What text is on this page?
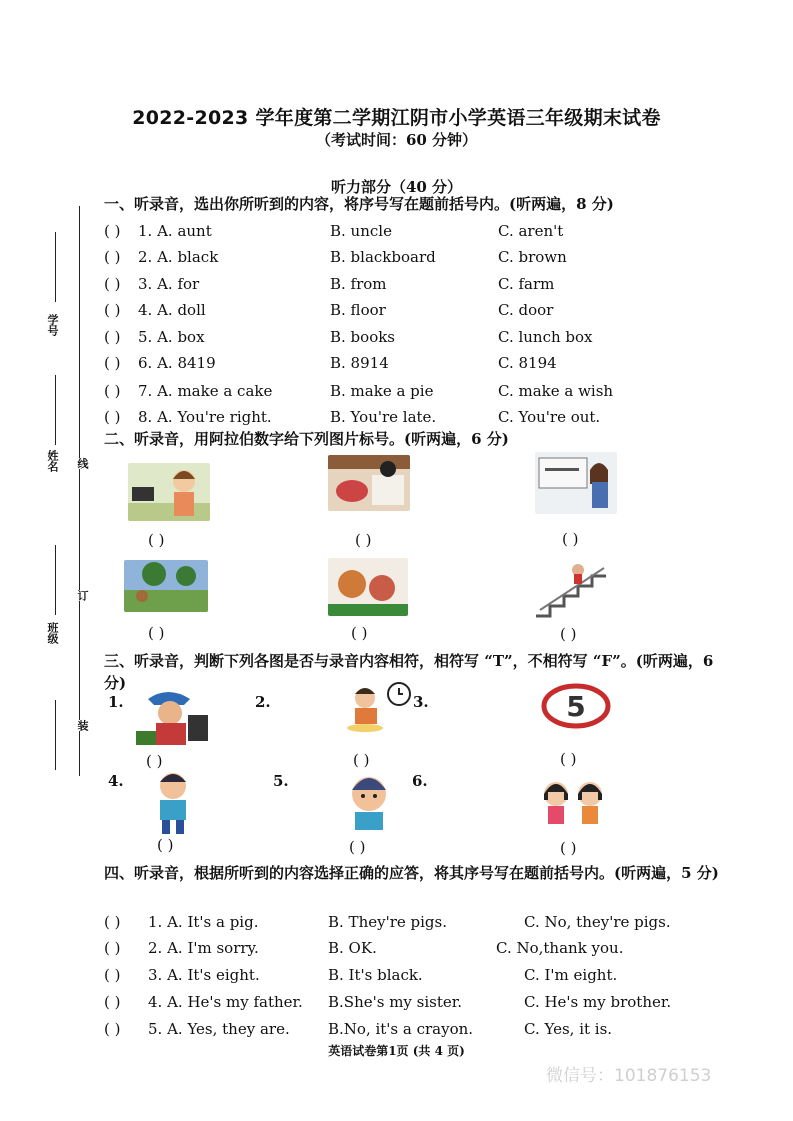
2022-2023 学年度第二学期江阴市小学英语三年级期末试卷
（考试时间：60 分钟）
听力部分（40 分）
学号
姓名
班级
线
订
装
一、听录音，选出你所听到的内容，将序号写在题前括号内。(听两遍，8 分)
( ) 1. A. aunt	B. uncle	C. aren't
( ) 2. A. black	B. blackboard	C. brown
( ) 3. A. for	B. from	C. farm
( ) 4. A. doll	B. floor	C. door
( ) 5. A. box	B. books	C. lunch box
( ) 6. A. 8419	B. 8914	C. 8194
( ) 7. A. make a cake	B. make a pie	C. make a wish
( ) 8. A. You're right.	B. You're late.	C. You're out.
二、听录音，用阿拉伯数字给下列图片标号。(听两遍，6 分)
( )	( )	( )
( )	( )	( )
三、听录音，判断下列各图是否与录音内容相符，相符写 “T”，不相符写 “F”。(听两遍，6 分)
1.	2.	3.	5
( )	( )	( )
4.	5.	6.
( )	( )	( )
四、听录音，根据所听到的内容选择正确的应答，将其序号写在题前括号内。(听两遍，5 分)
( ) 1. A. It's a pig.	B. They're pigs.	C. No, they're pigs.
( ) 2. A. I'm sorry.	B. OK.	C. No,thank you.
( ) 3. A. It's eight.	B. It's black.	C. I'm eight.
( ) 4. A. He's my father. B.She's my sister.	C. He's my brother.
( ) 5. A. Yes, they are.	B.No, it's a crayon.	C. Yes, it is.
英语试卷第1页 (共 4 页)
微信号：101876153
